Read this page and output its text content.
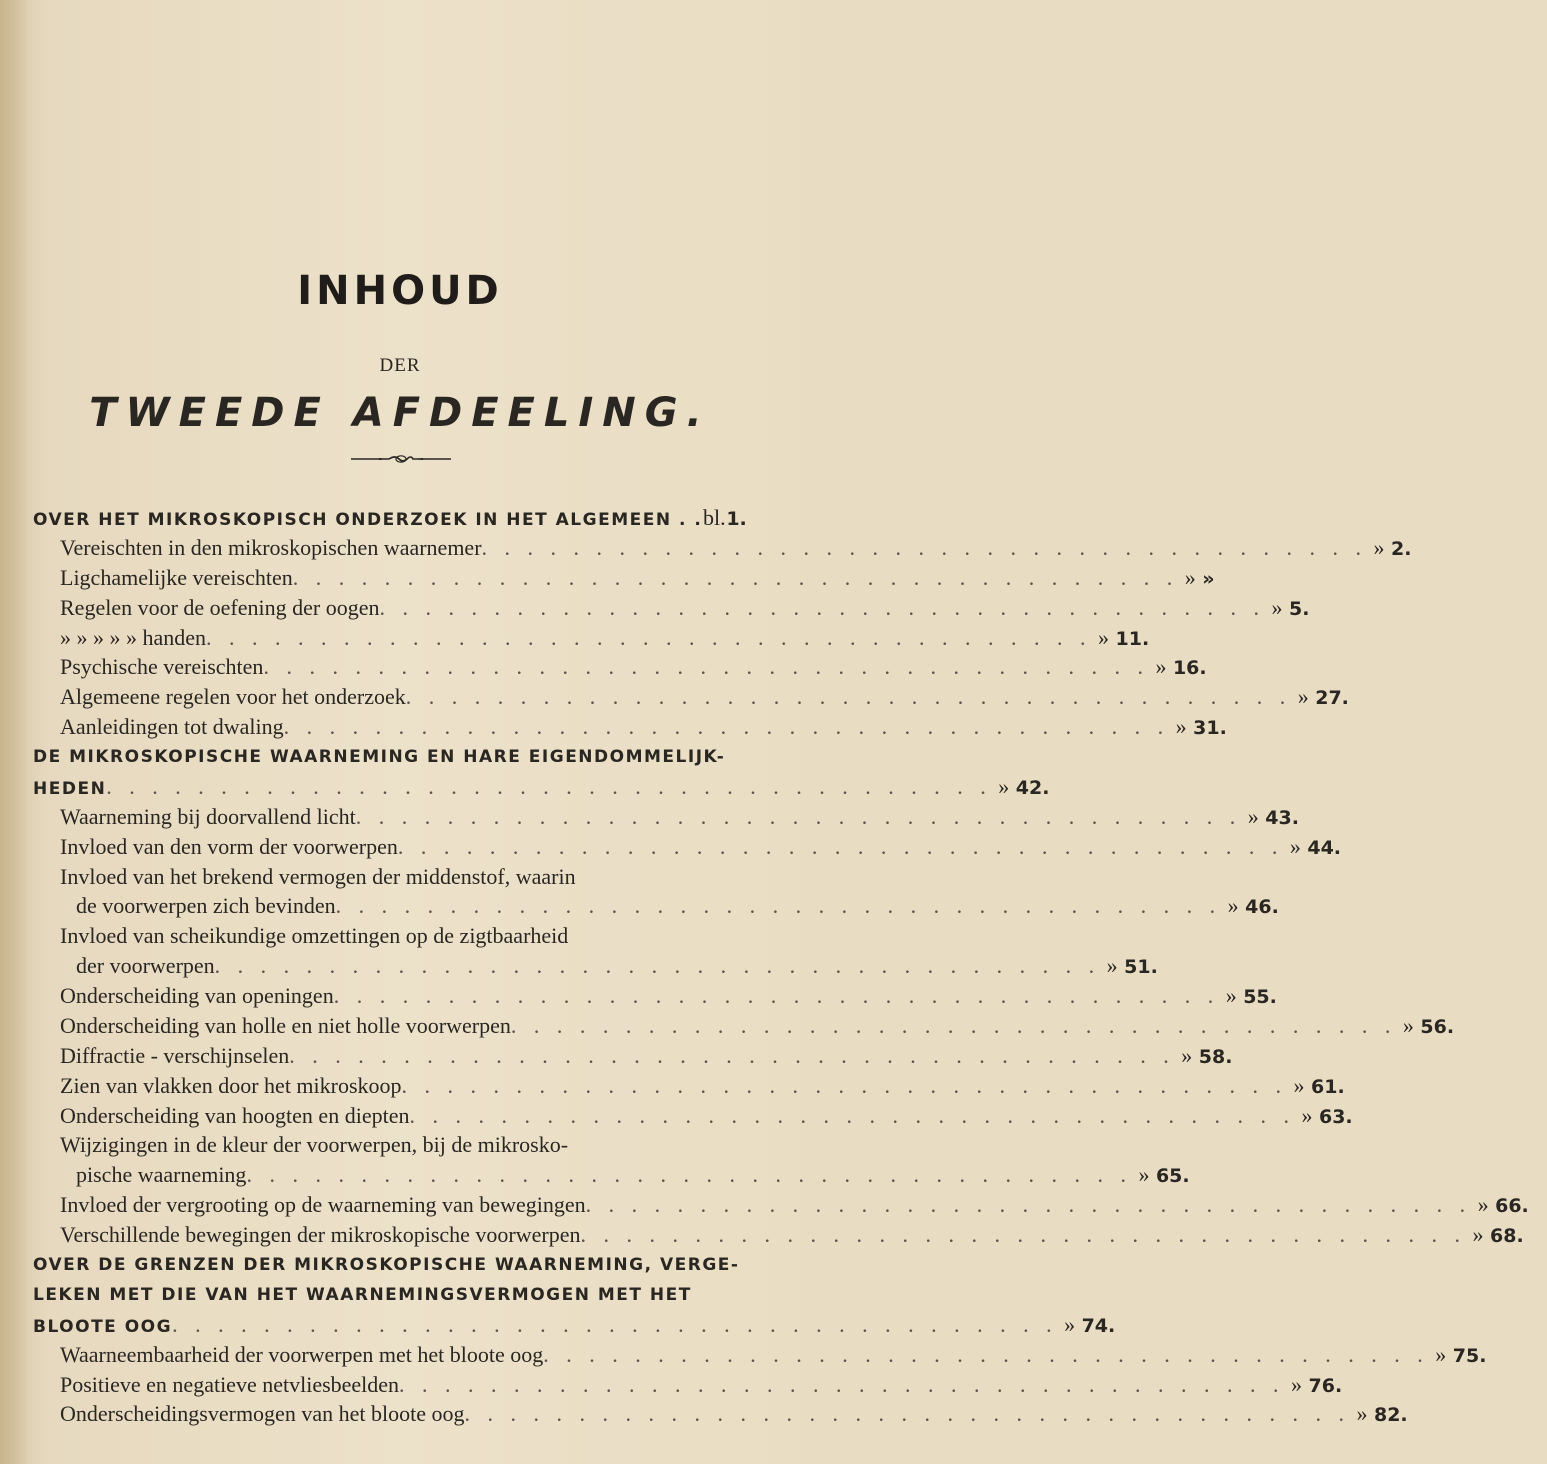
INHOUD
DER
TWEEDE AFDEELING.
OVER HET MIKROSKOPISCH ONDERZOEK IN HET ALGEMEEN . . bl. 1.
Vereischten in den mikroskopischen waarnemer . . . . . . . . . . . . . . . . . . . . . . . . . . . . . . . . . . . . . . . » 2.
Ligchamelijke vereischten . . . . . . . . . . . . . . . . . . . . . . . . . . . . . . . . . . . . . . . » »
Regelen voor de oefening der oogen . . . . . . . . . . . . . . . . . . . . . . . . . . . . . . . . . . . . . . . » 5.
» » » » » handen . . . . . . . . . . . . . . . . . . . . . . . . . . . . . . . . . . . . . . . » 11.
Psychische vereischten . . . . . . . . . . . . . . . . . . . . . . . . . . . . . . . . . . . . . . . » 16.
Algemeene regelen voor het onderzoek . . . . . . . . . . . . . . . . . . . . . . . . . . . . . . . . . . . . . . . » 27.
Aanleidingen tot dwaling . . . . . . . . . . . . . . . . . . . . . . . . . . . . . . . . . . . . . . . » 31.
DE MIKROSKOPISCHE WAARNEMING EN HARE EIGENDOMMELIJK-
HEDEN . . . . . . . . . . . . . . . . . . . . . . . . . . . . . . . . . . . . . . . » 42.
Waarneming bij doorvallend licht . . . . . . . . . . . . . . . . . . . . . . . . . . . . . . . . . . . . . . . » 43.
Invloed van den vorm der voorwerpen . . . . . . . . . . . . . . . . . . . . . . . . . . . . . . . . . . . . . . . » 44.
Invloed van het brekend vermogen der middenstof, waarin
de voorwerpen zich bevinden . . . . . . . . . . . . . . . . . . . . . . . . . . . . . . . . . . . . . . . » 46.
Invloed van scheikundige omzettingen op de zigtbaarheid
der voorwerpen . . . . . . . . . . . . . . . . . . . . . . . . . . . . . . . . . . . . . . . » 51.
Onderscheiding van openingen . . . . . . . . . . . . . . . . . . . . . . . . . . . . . . . . . . . . . . . » 55.
Onderscheiding van holle en niet holle voorwerpen . . . . . . . . . . . . . . . . . . . . . . . . . . . . . . . . . . . . . . . » 56.
Diffractie - verschijnselen . . . . . . . . . . . . . . . . . . . . . . . . . . . . . . . . . . . . . . . » 58.
Zien van vlakken door het mikroskoop . . . . . . . . . . . . . . . . . . . . . . . . . . . . . . . . . . . . . . . » 61.
Onderscheiding van hoogten en diepten . . . . . . . . . . . . . . . . . . . . . . . . . . . . . . . . . . . . . . . » 63.
Wijzigingen in de kleur der voorwerpen, bij de mikrosko-
pische waarneming . . . . . . . . . . . . . . . . . . . . . . . . . . . . . . . . . . . . . . . » 65.
Invloed der vergrooting op de waarneming van bewegingen . . . . . . . . . . . . . . . . . . . . . . . . . . . . . . . . . . . . . . . » 66.
Verschillende bewegingen der mikroskopische voorwerpen . . . . . . . . . . . . . . . . . . . . . . . . . . . . . . . . . . . . . . . » 68.
OVER DE GRENZEN DER MIKROSKOPISCHE WAARNEMING, VERGE-
LEKEN MET DIE VAN HET WAARNEMINGSVERMOGEN MET HET
BLOOTE OOG . . . . . . . . . . . . . . . . . . . . . . . . . . . . . . . . . . . . . . . » 74.
Waarneembaarheid der voorwerpen met het bloote oog . . . . . . . . . . . . . . . . . . . . . . . . . . . . . . . . . . . . . . . » 75.
Positieve en negatieve netvliesbeelden . . . . . . . . . . . . . . . . . . . . . . . . . . . . . . . . . . . . . . . » 76.
Onderscheidingsvermogen van het bloote oog . . . . . . . . . . . . . . . . . . . . . . . . . . . . . . . . . . . . . . . » 82.
